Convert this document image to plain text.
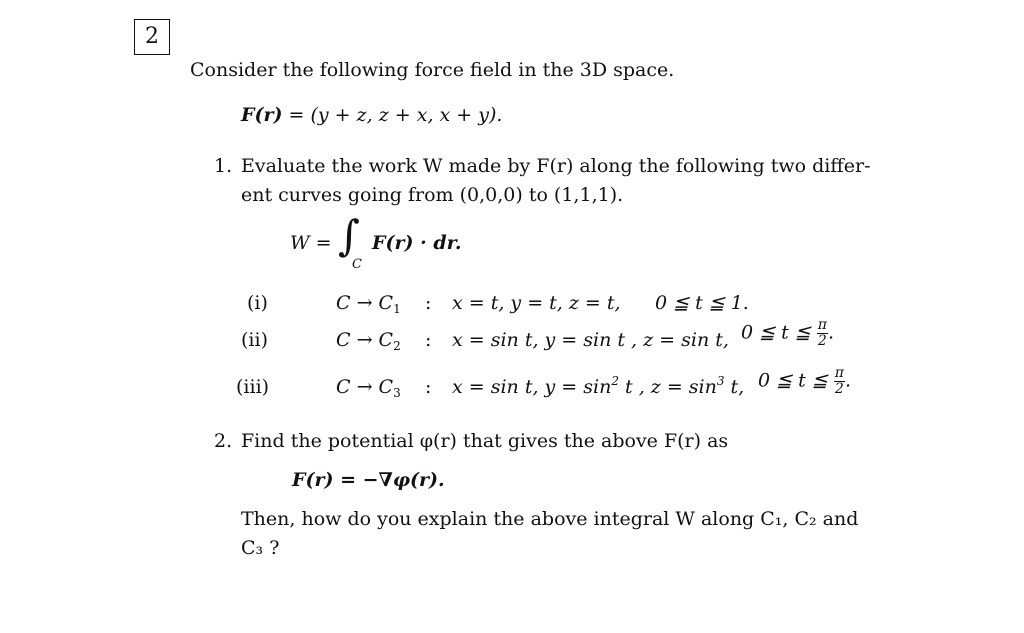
2
Consider the following force field in the 3D space.
F(r) = (y + z, z + x, x + y).
1. Evaluate the work W made by F(r) along the following two differ-
ent curves going from (0,0,0) to (1,1,1).
W = ∫
C
F(r) · dr.
(i)	$C \to C_1$ : x = t, y = t, z = t, 0 ≦ t ≦ 1.
(ii)	$C \to C_2$ : x = sin t, y = sin t , z = sin t, 0 ≦ t ≦ $\frac{\pi}{2}$ .
(iii)	$C \to C_3$ : x = sin t, $y = \sin^2 t$ , $z = \sin^3 t$, 0 ≦ t ≦ $\frac{\pi}{2}$ .
2. Find the potential φ(r) that gives the above F(r) as
F(r) = −∇φ(r).
Then, how do you explain the above integral W along C₁, C₂ and
C₃ ?
